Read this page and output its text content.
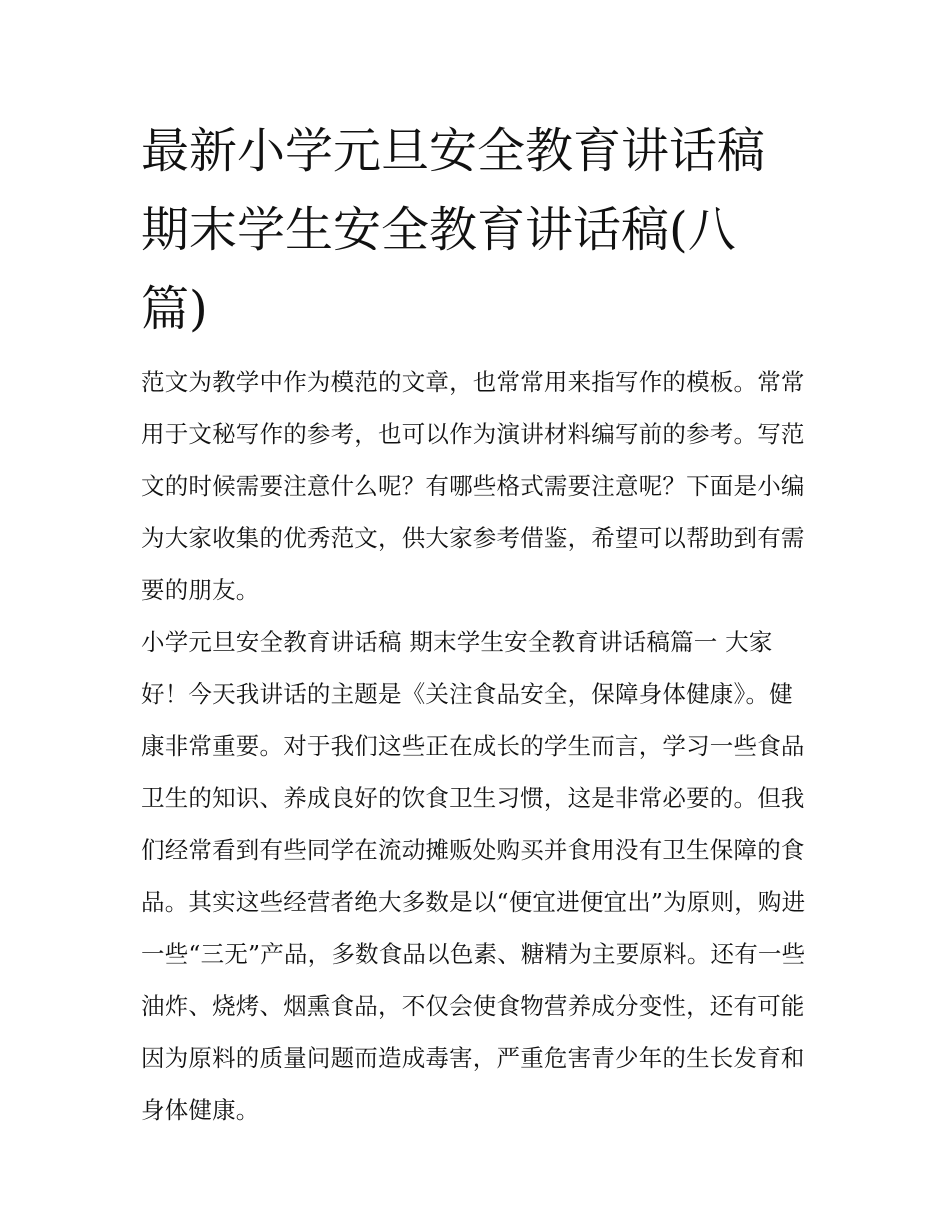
最新小学元旦安全教育讲话稿期末学生安全教育讲话稿(八篇)

范文为教学中作为模范的文章，也常常用来指写作的模板。常常用于文秘写作的参考，也可以作为演讲材料编写前的参考。写范文的时候需要注意什么呢？有哪些格式需要注意呢？下面是小编为大家收集的优秀范文，供大家参考借鉴，希望可以帮助到有需要的朋友。

小学元旦安全教育讲话稿 期末学生安全教育讲话稿篇一 大家好！今天我讲话的主题是《关注食品安全，保障身体健康》。健康非常重要。对于我们这些正在成长的学生而言，学习一些食品卫生的知识、养成良好的饮食卫生习惯，这是非常必要的。但我们经常看到有些同学在流动摊贩处购买并食用没有卫生保障的食品。其实这些经营者绝大多数是以“便宜进便宜出”为原则，购进一些“三无”产品，多数食品以色素、糖精为主要原料。还有一些油炸、烧烤、烟熏食品，不仅会使食物营养成分变性，还有可能因为原料的质量问题而造成毒害，严重危害青少年的生长发育和身体健康。
